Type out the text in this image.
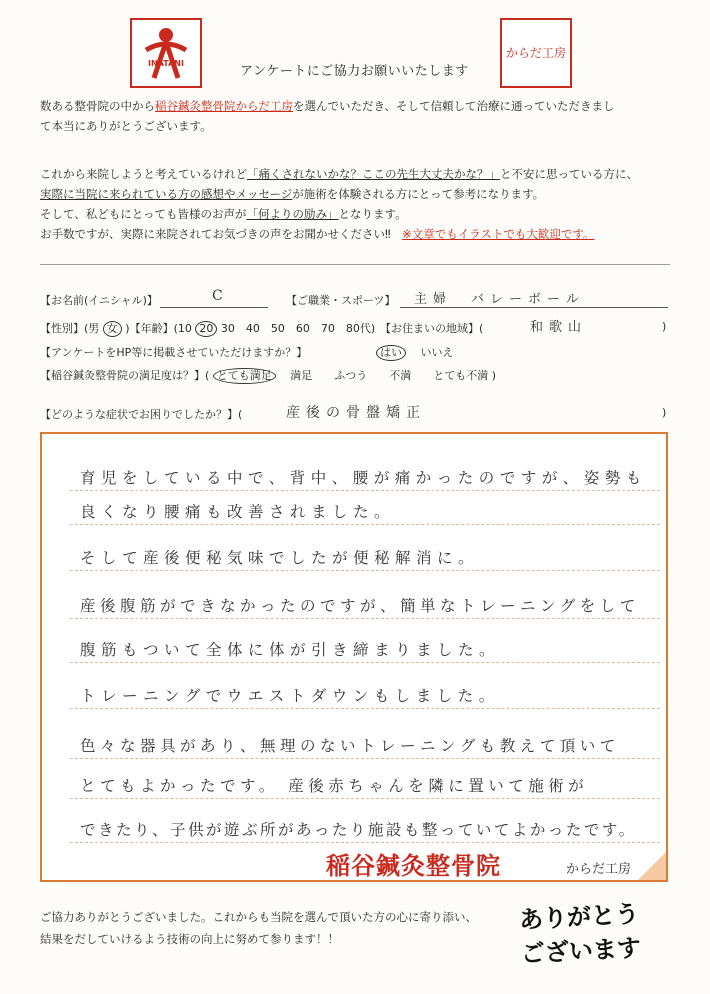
INATANI
からだ工房
アンケートにご協力お願いいたします

数ある整骨院の中から稲谷鍼灸整骨院からだ工房を選んでいただき、そして信頼して治療に通っていただきまし

て本当にありがとうございます。

これから来院しようと考えているけれど「痛くされないかな？ここの先生大丈夫かな？」と不安に思っている方に、

実際に当院に来られている方の感想やメッセージが施術を体験される方にとって参考になります。

そして、私どもにとっても皆様のお声が「何よりの励み」となります。

お手数ですが、実際に来院されてお気づきの声をお聞かせください‼　 ※文章でもイラストでも大歓迎です。

【お名前(イニシャル)】	C	【ご職業・スポーツ】 主婦　バレーボール
【性別】(男 女 )【年齢】(10 20 30　40　50　60　70　80代) 【お住まいの地域】(	和歌山	)
【アンケートをHP等に掲載させていただけますか？】	はい 　 いいえ
【稲谷鍼灸整骨院の満足度は？】( とても満足 　 満足　　ふつう　　不満　　とても不満 )
【どのような症状でお困りでしたか？】(	産後の骨盤矯正	)
育児をしている中で、背中、腰が痛かったのですが、姿勢も
良くなり腰痛も改善されました。
そして産後便秘気味でしたが便秘解消に。
産後腹筋ができなかったのですが、簡単なトレーニングをして
腹筋もついて全体に体が引き締まりました。
トレーニングでウエストダウンもしました。
色々な器具があり、無理のないトレーニングも教えて頂いて
とてもよかったです。 産後赤ちゃんを隣に置いて施術が
できたり、子供が遊ぶ所があったり施設も整っていてよかったです。
稲谷鍼灸整骨院	からだ工房

ご協力ありがとうございました。これからも当院を選んで頂いた方の心に寄り添い、

結果をだしていけるよう技術の向上に努めて参ります！！

ありがとう

ございます
